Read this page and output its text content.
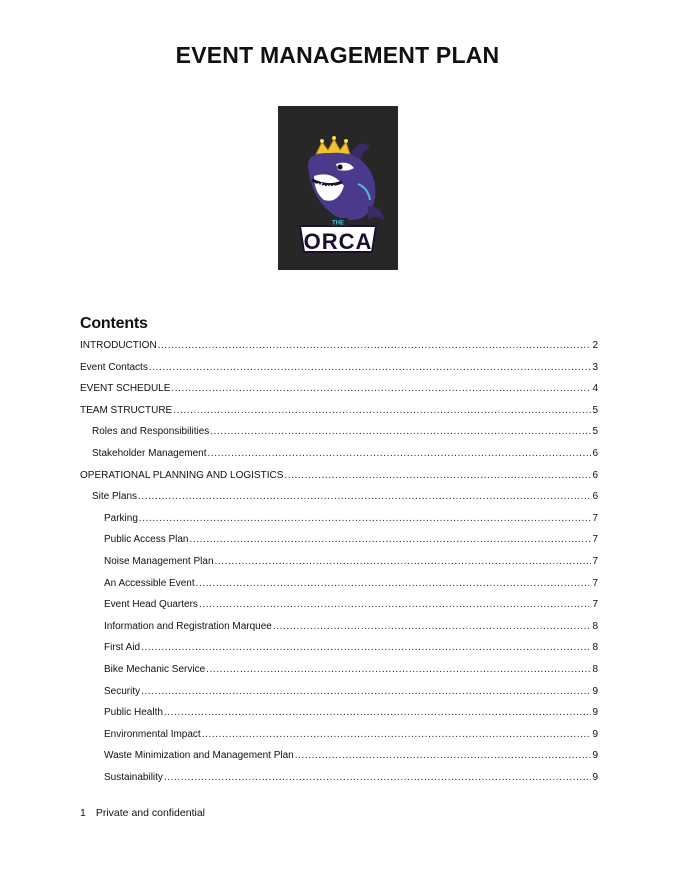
EVENT MANAGEMENT PLAN
THE
ORCA
Contents
INTRODUCTION .....	2
Event Contacts .....	3
EVENT SCHEDULE .....	4
TEAM STRUCTURE .....	5
Roles and Responsibilities .....	5
Stakeholder Management .....	6
OPERATIONAL PLANNING AND LOGISTICS .....	6
Site Plans .....	6
Parking .....	7
Public Access Plan .....	7
Noise Management Plan .....	7
An Accessible Event .....	7
Event Head Quarters .....	7
Information and Registration Marquee .....	8
First Aid .....	8
Bike Mechanic Service .....	8
Security .....	9
Public Health .....	9
Environmental Impact .....	9
Waste Minimization and Management Plan .....	9
Sustainability .....	9
1 Private and confidential
